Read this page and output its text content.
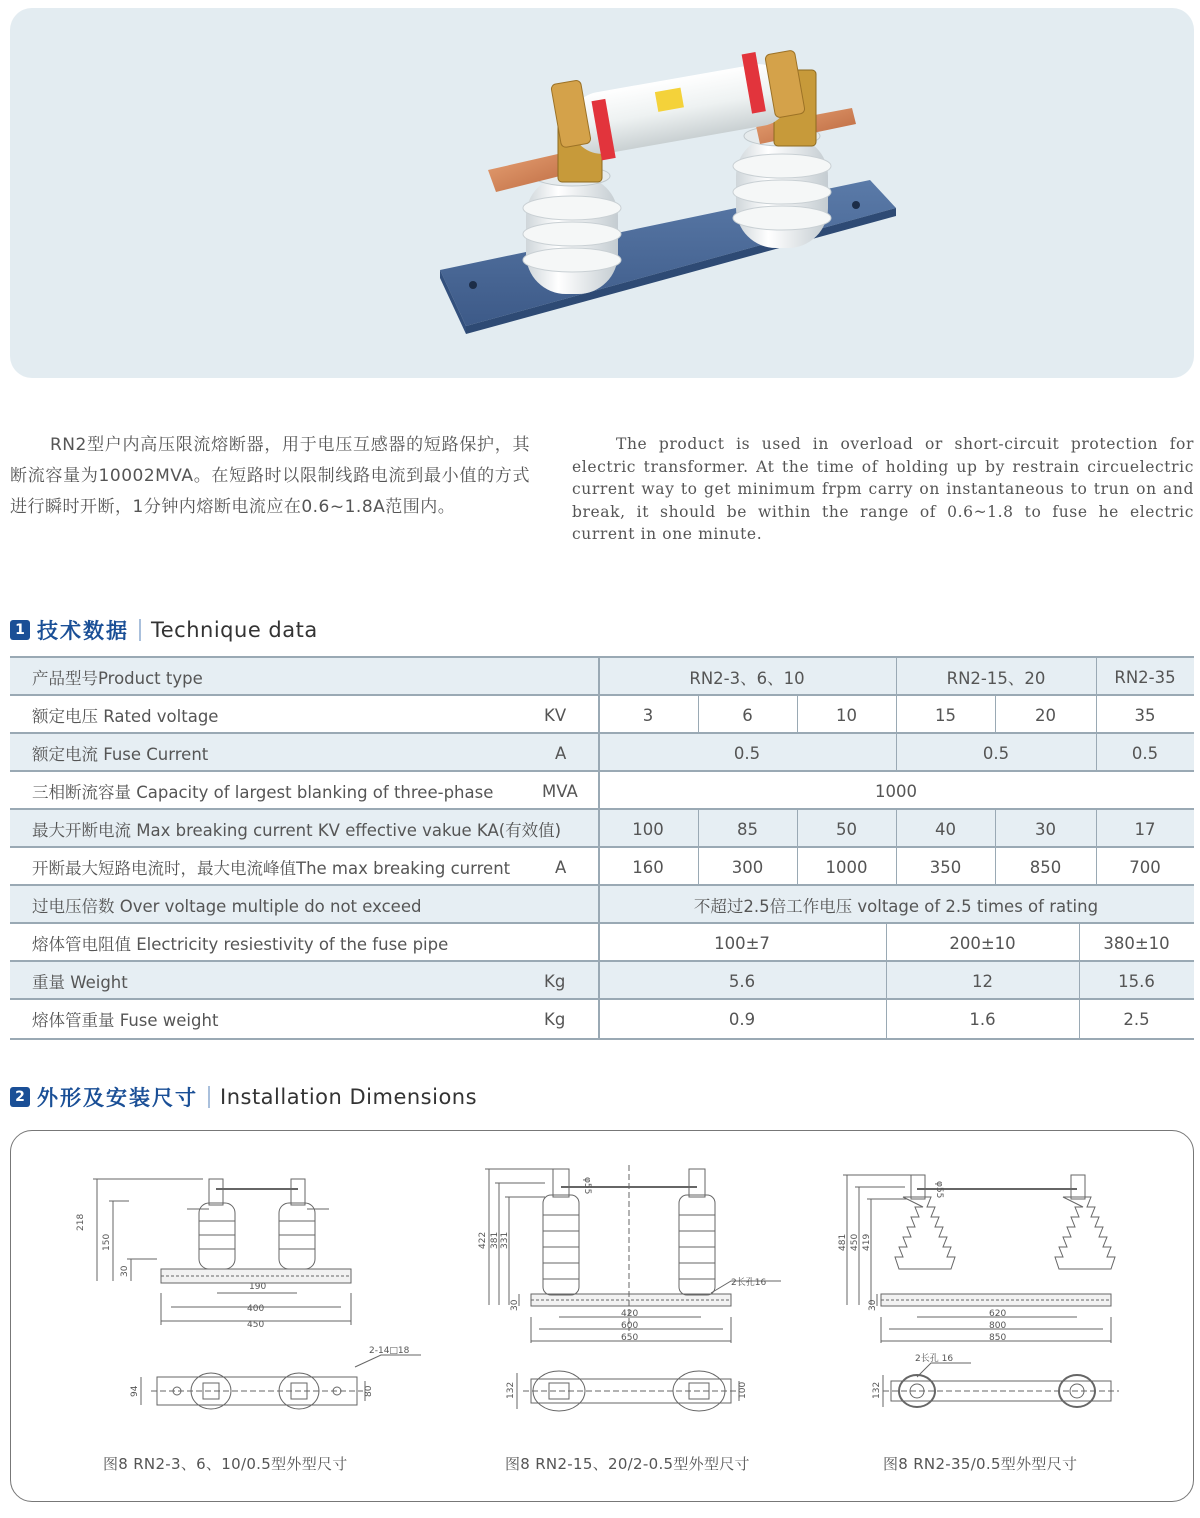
RN2型户内高压限流熔断器，用于电压互感器的短路保护，其断流容量为10002MVA。在短路时以限制线路电流到最小值的方式进行瞬时开断，1分钟内熔断电流应在0.6~1.8A范围内。
The product is used in overload or short-circuit protection for electric transformer. At the time of holding up by restrain circuelectric current way to get minimum frpm carry on instantaneous to trun on and break, it should be within the range of 0.6~1.8 to fuse he electric current in one minute.
1 技术数据 Technique data
产品型号Product type	RN2-3、6、10	RN2-15、20	RN2-35
额定电压 Rated voltage	KV	3	6	10	15	20	35
额定电流 Fuse Current	A	0.5	0.5	0.5
三相断流容量 Capacity of largest blanking of three-phase	MVA	1000
最大开断电流 Max breaking current KV effective vakue KA(有效值)	100	85	50	40	30	17
开断最大短路电流时，最大电流峰值The max breaking current	A	160	300	1000	350	850	700
过电压倍数 Over voltage multiple do not exceed	不超过2.5倍工作电压 voltage of 2.5 times of rating
熔体管电阻值 Electricity resiestivity of the fuse pipe	100±7	200±10	380±10
重量 Weight	Kg	5.6	12	15.6
熔体管重量 Fuse weight	Kg	0.9	1.6	2.5
2 外形及安装尺寸 Installation Dimensions
218
150
30
190
400
450
2-14□18
94	80
422 381 331
φ55
2长孔16
30
420
600
650
132	100
481 450 419
φ55
30
620
800
850
2长孔 16
132
图8 RN2-3、6、10/0.5型外型尺寸	图8 RN2-15、20/2-0.5型外型尺寸	图8 RN2-35/0.5型外型尺寸
